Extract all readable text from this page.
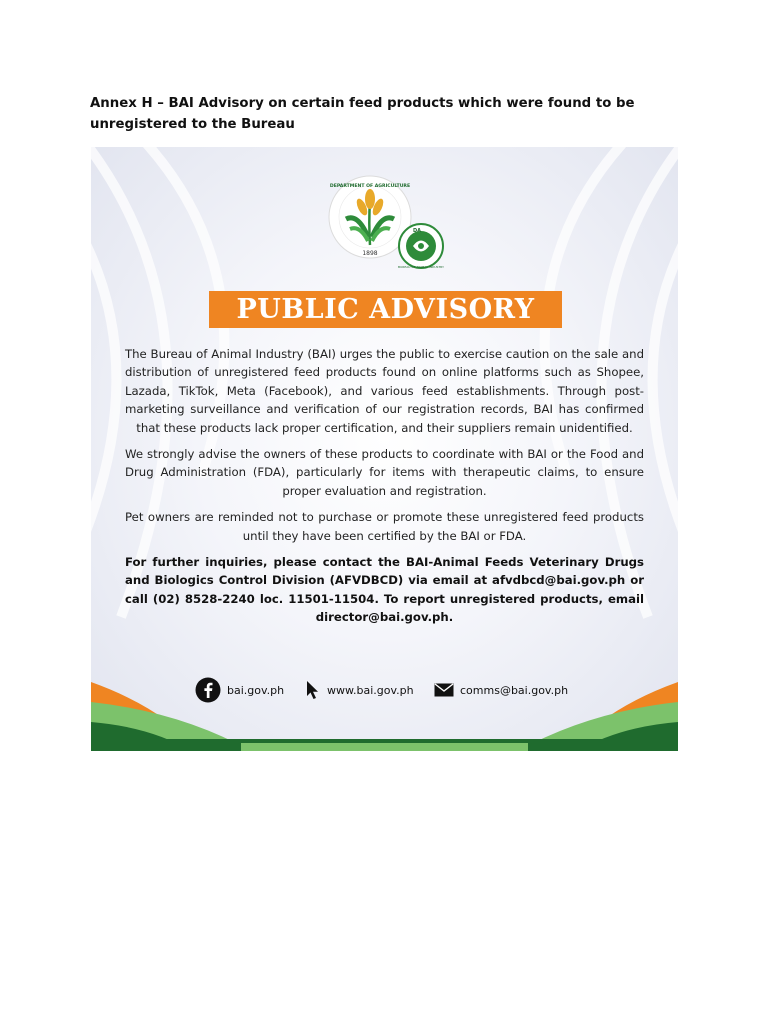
Annex H – BAI Advisory on certain feed products which were found to be unregistered to the Bureau
1898
DEPARTMENT OF AGRICULTURE
DA
BUREAU OF ANIMAL INDUSTRY
PUBLIC ADVISORY

The Bureau of Animal Industry (BAI) urges the public to exercise caution on the sale and distribution of unregistered feed products found on online platforms such as Shopee, Lazada, TikTok, Meta (Facebook), and various feed establishments. Through post-marketing surveillance and verification of our registration records, BAI has confirmed that these products lack proper certification, and their suppliers remain unidentified.

We strongly advise the owners of these products to coordinate with BAI or the Food and Drug Administration (FDA), particularly for items with therapeutic claims, to ensure proper evaluation and registration.

Pet owners are reminded not to purchase or promote these unregistered feed products until they have been certified by the BAI or FDA.

For further inquiries, please contact the BAI-Animal Feeds Veterinary Drugs and Biologics Control Division (AFVDBCD) via email at afvdbcd@bai.gov.ph or call (02) 8528-2240 loc. 11501-11504. To report unregistered products, email director@bai.gov.ph.

bai.gov.ph	www.bai.gov.ph	comms@bai.gov.ph
